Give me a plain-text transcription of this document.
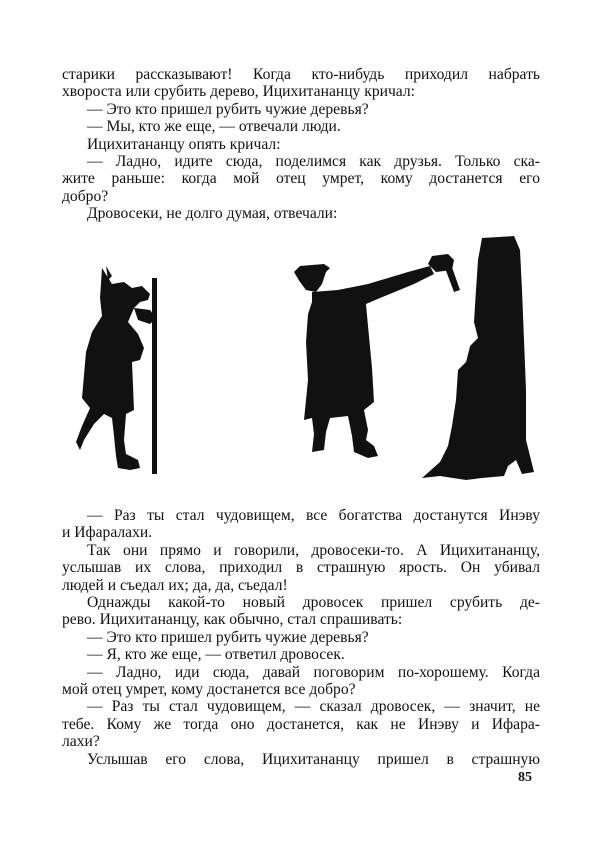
старики рассказывают! Когда кто-нибудь приходил набрать
хвороста или срубить дерево, Ицихитананцу кричал:
— Это кто пришел рубить чужие деревья?
— Мы, кто же еще, — отвечали люди.
Ицихитананцу опять кричал:
— Ладно, идите сюда, поделимся как друзья. Только ска-
жите раньше: когда мой отец умрет, кому достанется его
добро?
Дровосеки, не долго думая, отвечали:
— Раз ты стал чудовищем, все богатства достанутся Инэву
и Ифаралахи.
Так они прямо и говорили, дровосеки-то. А Ицихитананцу,
услышав их слова, приходил в страшную ярость. Он убивал
людей и съедал их; да, да, съедал!
Однажды какой-то новый дровосек пришел срубить де-
рево. Ицихитананцу, как обычно, стал спрашивать:
— Это кто пришел рубить чужие деревья?
— Я, кто же еще, — ответил дровосек.
— Ладно, иди сюда, давай поговорим по-хорошему. Когда
мой отец умрет, кому достанется все добро?
— Раз ты стал чудовищем, — сказал дровосек, — значит, не
тебе. Кому же тогда оно достанется, как не Инэву и Ифара-
лахи?
Услышав его слова, Ицихитананцу пришел в страшную
85
